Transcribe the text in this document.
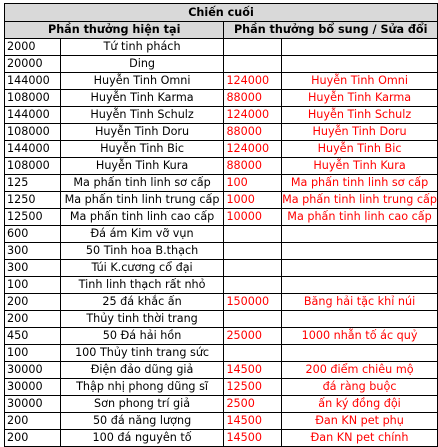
Chiến cuối			
Phần thưởng hiện tại		Phần thưởng bổ sung / Sửa đổi	
2000	Tứ tinh phách		
20000	Ding		
144000	Huyễn Tinh Omni	124000	Huyễn Tinh Omni
108000	Huyễn Tinh Karma	88000	Huyễn Tinh Karma
144000	Huyễn Tinh Schulz	124000	Huyễn Tinh Schulz
108000	Huyễn Tinh Doru	88000	Huyễn Tinh Doru
144000	Huyễn Tinh Bic	124000	Huyễn Tinh Bic
108000	Huyễn Tinh Kura	88000	Huyễn Tinh Kura
125	Ma phấn tinh linh sơ cấp	100	Ma phấn tinh linh sơ cấp
1250	Ma phấn tinh linh trung cấp	1000	Ma phấn tinh linh trung cấp
12500	Ma phấn tinh linh cao cấp	10000	Ma phấn tinh linh cao cấp
600	Đá ám Kim vỡ vụn		
300	50 Tinh hoa B.thạch		
300	Túi K.cương cổ đại		
100	Tinh linh thạch rất nhỏ		
200	25 đá khắc ấn	150000	Băng hải tặc khỉ núi
200	Thủy tinh thời trang		
450	50 Đá hải hồn	25000	1000 nhẫn tố ác quỷ
100	100 Thủy tinh trang sức		
30000	Điện đảo dũng giả	14500	200 điểm chiêu mộ
30000	Thập nhị phong dũng sĩ	12500	đá ràng buộc
30000	Sơn phong trí giả	2500	ấn ký đồng đội
200	50 đá năng lượng	14500	Đan KN pet phụ
200	100 đá nguyên tố	14500	Đan KN pet chính
